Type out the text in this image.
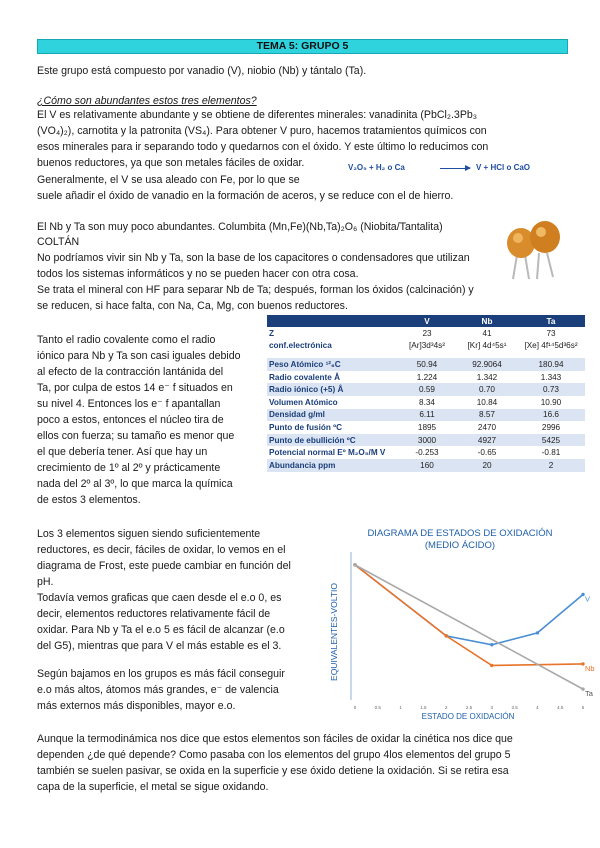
TEMA 5: GRUPO 5

Este grupo está compuesto por vanadio (V), niobio (Nb) y tántalo (Ta).

¿Cómo son abundantes estos tres elementos?

El V es relativamente abundante y se obtiene de diferentes minerales: vanadinita (PbCl₂.3Pb₃

(VO₄)₂), carnotita y la patronita (VS₄). Para obtener V puro, hacemos tratamientos químicos con

esos minerales para ir separando todo y quedarnos con el óxido. Y este último lo reducimos con

buenos reductores, ya que son metales fáciles de oxidar.

Generalmente, el V se usa aleado con Fe, por lo que se

suele añadir el óxido de vanadio en la formación de aceros, y se reduce con el de hierro.

V₂O₅ + H₂ o Ca → V + HCl o CaO

El Nb y Ta son muy poco abundantes. Columbita (Mn,Fe)(Nb,Ta)₂O₆ (Niobita/Tantalita)

COLTÁN

No podríamos vivir sin Nb y Ta, son la base de los capacitores o condensadores que utilizan

todos los sistemas informáticos y no se pueden hacer con otra cosa.

Se trata el mineral con HF para separar Nb de Ta; después, forman los óxidos (calcinación) y

se reducen, si hace falta, con Na, Ca, Mg, con buenos reductores.

Tanto el radio covalente como el radio

iónico para Nb y Ta son casi iguales debido

al efecto de la contracción lantánida del

Ta, por culpa de estos 14 e⁻ f situados en

su nivel 4. Entonces los e⁻ f apantallan

poco a estos, entonces el núcleo tira de

ellos con fuerza; su tamaño es menor que

el que debería tener. Así que hay un

crecimiento de 1º al 2º y prácticamente

nada del 2º al 3º, lo que marca la química

de estos 3 elementos.

	V	Nb	Ta
Z	23	41	73
conf.electrónica	[Ar]3d³4s²	[Kr] 4d⁴5s¹	[Xe] 4f¹⁴5d³6s²

Peso Atómico ¹²₆C	50.94	92.9064	180.94
Radio covalente Å	1.224	1.342	1.343
Radio iónico (+5) Å	0.59	0.70	0.73
Volumen Atómico	8.34	10.84	10.90
Densidad g/ml	6.11	8.57	16.6
Punto de fusión ºC	1895	2470	2996
Punto de ebullición ºC	3000	4927	5425
Potencial normal Eº M₂O₅/M V	-0.253	-0.65	-0.81
Abundancia ppm	160	20	2

Los 3 elementos siguen siendo suficientemente

reductores, es decir, fáciles de oxidar, lo vemos en el

diagrama de Frost, este puede cambiar en función del

pH.

Todavía vemos graficas que caen desde el e.o 0, es

decir, elementos reductores relativamente fácil de

oxidar. Para Nb y Ta el e.o 5 es fácil de alcanzar (e.o

del G5), mientras que para V el más estable es el 3.

Según bajamos en los grupos es más fácil conseguir

e.o más altos, átomos más grandes, e⁻ de valencia

más externos más disponibles, mayor e.o.

DIAGRAMA DE ESTADOS DE OXIDACIÓN
(MEDIO ÁCIDO)
EQUIVALENTES-VOLTIO
ESTADO DE OXIDACIÓN
0	0.5	1	1.5	2	2.5	3	3.5	4	4.5	5
V
Nb
Ta

Aunque la termodinámica nos dice que estos elementos son fáciles de oxidar la cinética nos dice que

dependen ¿de qué depende? Como pasaba con los elementos del grupo 4los elementos del grupo 5

también se suelen pasivar, se oxida en la superficie y ese óxido detiene la oxidación. Si se retira esa

capa de la superficie, el metal se sigue oxidando.
